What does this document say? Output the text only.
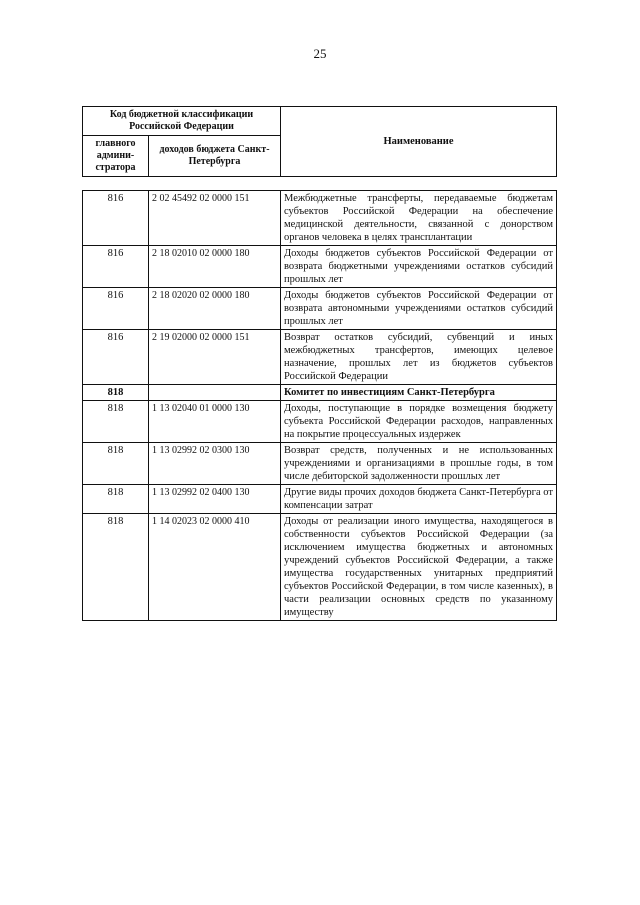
25
Код бюджетной классификации Российской Федерации		Наименование
главного админи-стратора	доходов бюджета Санкт-Петербурга	
816	2 02 45492 02 0000 151	Межбюджетные трансферты, передаваемые бюджетам субъектов Российской Федерации на обеспечение медицинской деятельности, связанной с донорством органов человека в целях трансплантации
816	2 18 02010 02 0000 180	Доходы бюджетов субъектов Российской Федерации от возврата бюджетными учреждениями остатков субсидий прошлых лет
816	2 18 02020 02 0000 180	Доходы бюджетов субъектов Российской Федерации от возврата автономными учреждениями остатков субсидий прошлых лет
816	2 19 02000 02 0000 151	Возврат остатков субсидий, субвенций и иных межбюджетных трансфертов, имеющих целевое назначение, прошлых лет из бюджетов субъектов Российской Федерации
818		Комитет по инвестициям Санкт-Петербурга
818	1 13 02040 01 0000 130	Доходы, поступающие в порядке возмещения бюджету субъекта Российской Федерации расходов, направленных на покрытие процессуальных издержек
818	1 13 02992 02 0300 130	Возврат средств, полученных и не использованных учреждениями и организациями в прошлые годы, в том числе дебиторской задолженности прошлых лет
818	1 13 02992 02 0400 130	Другие виды прочих доходов бюджета Санкт-Петербурга от компенсации затрат
818	1 14 02023 02 0000 410	Доходы от реализации иного имущества, находящегося в собственности субъектов Российской Федерации (за исключением имущества бюджетных и автономных учреждений субъектов Российской Федерации, а также имущества государственных унитарных предприятий субъектов Российской Федерации, в том числе казенных), в части реализации основных средств по указанному имуществу
